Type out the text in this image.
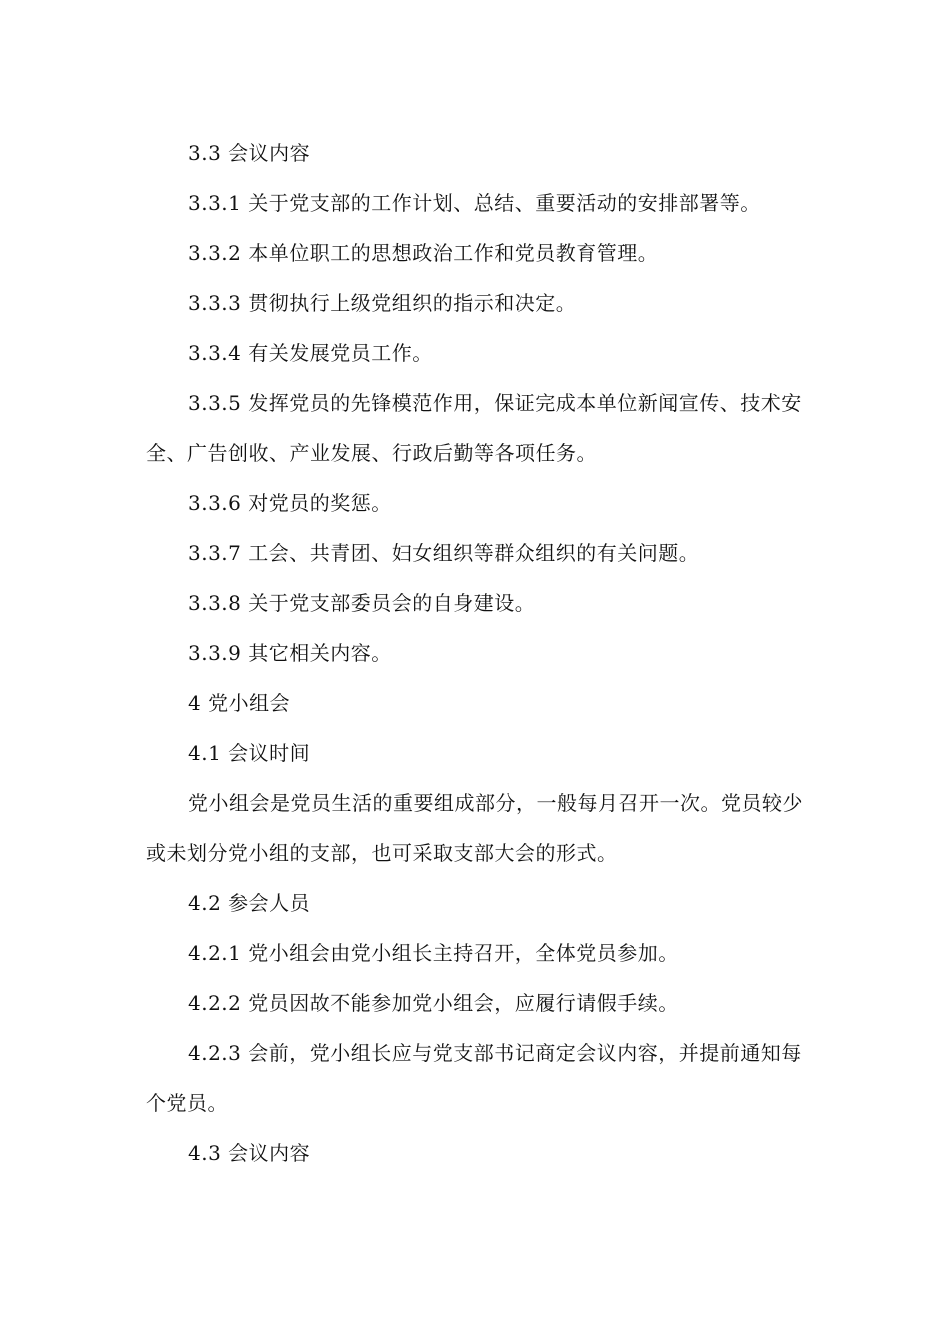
3.3 会议内容

3.3.1 关于党支部的工作计划、总结、重要活动的安排部署等。

3.3.2 本单位职工的思想政治工作和党员教育管理。

3.3.3 贯彻执行上级党组织的指示和决定。

3.3.4 有关发展党员工作。

3.3.5 发挥党员的先锋模范作用，保证完成本单位新闻宣传、技术安全、广告创收、产业发展、行政后勤等各项任务。

3.3.6 对党员的奖惩。

3.3.7 工会、共青团、妇女组织等群众组织的有关问题。

3.3.8 关于党支部委员会的自身建设。

3.3.9 其它相关内容。

4 党小组会

4.1 会议时间

党小组会是党员生活的重要组成部分，一般每月召开一次。党员较少或未划分党小组的支部，也可采取支部大会的形式。

4.2 参会人员

4.2.1 党小组会由党小组长主持召开，全体党员参加。

4.2.2 党员因故不能参加党小组会，应履行请假手续。

4.2.3 会前，党小组长应与党支部书记商定会议内容，并提前通知每个党员。

4.3 会议内容
